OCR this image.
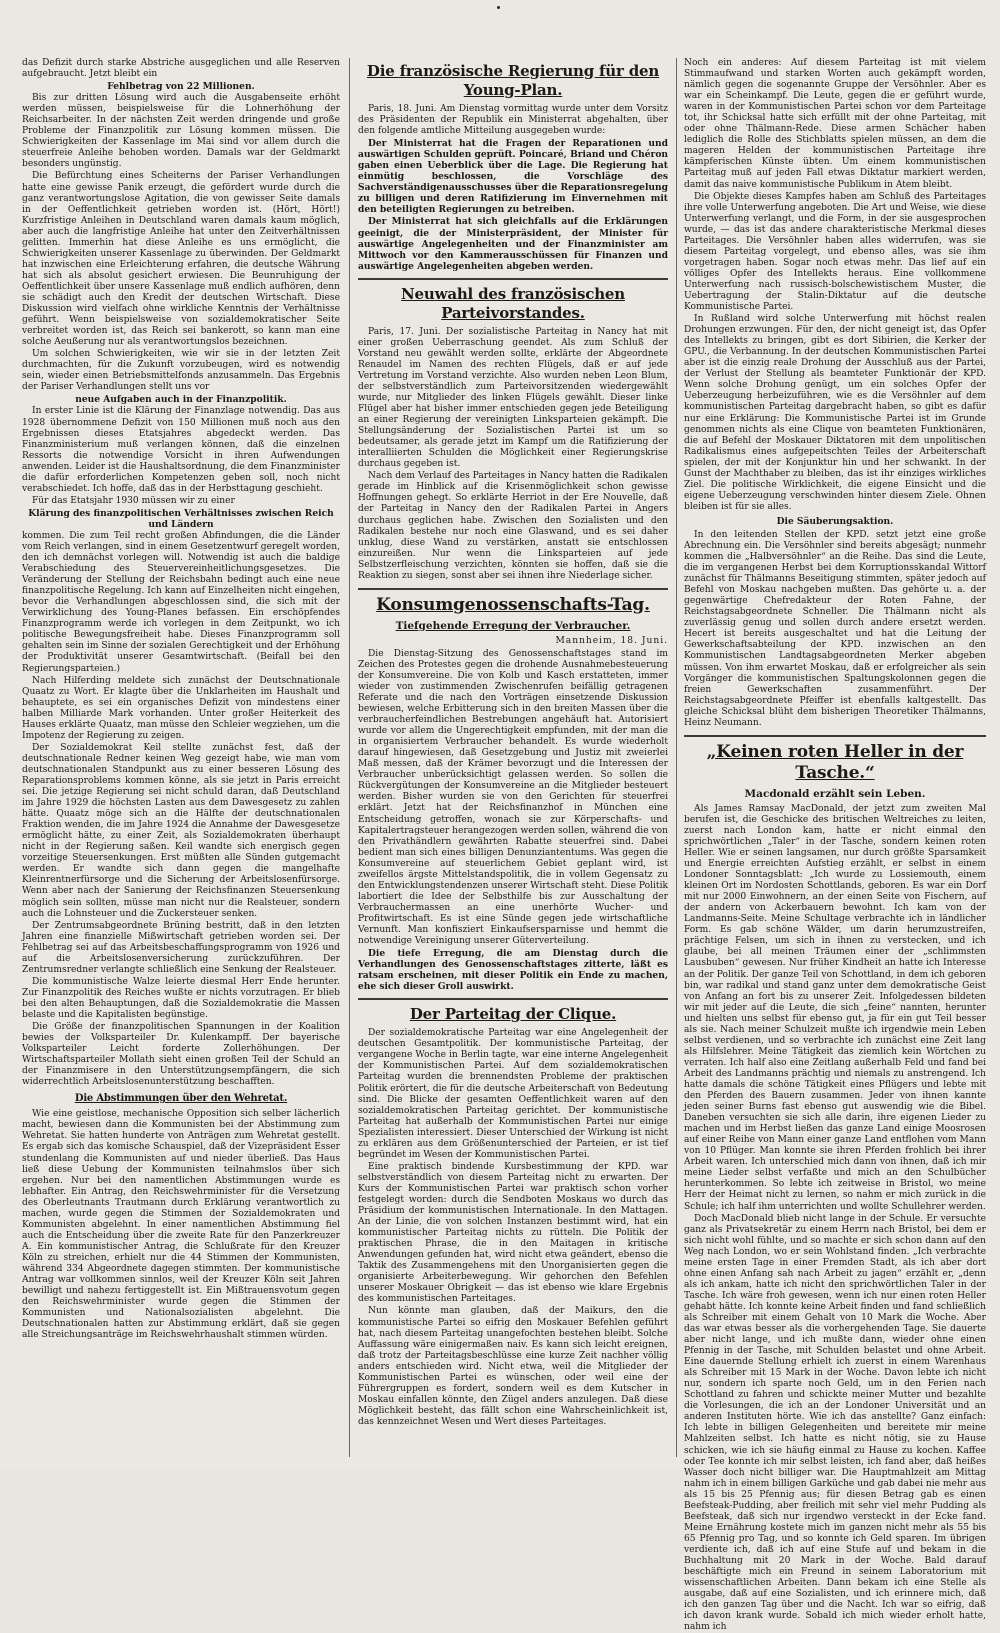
das Defizit durch starke Abstriche ausgeglichen und alle Reserven aufgebraucht. Jetzt bleibt ein

Fehlbetrag von 22 Millionen.

Bis zur dritten Lösung wird auch die Ausgabenseite erhöht werden müssen, beispielsweise für die Lohnerhöhung der Reichsarbeiter. In der nächsten Zeit werden dringende und große Probleme der Finanzpolitik zur Lösung kommen müssen. Die Schwierigkeiten der Kassenlage im Mai sind vor allem durch die steuerfreie Anleihe behoben worden. Damals war der Geldmarkt besonders ungünstig.

Die Befürchtung eines Scheiterns der Pariser Verhandlungen hatte eine gewisse Panik erzeugt, die gefördert wurde durch die ganz verantwortungslose Agitation, die von gewisser Seite damals in der Oeffentlichkeit getrieben worden ist. (Hört, Hört!) Kurzfristige Anleihen in Deutschland waren damals kaum möglich, aber auch die langfristige Anleihe hat unter den Zeitverhältnissen gelitten. Immerhin hat diese Anleihe es uns ermöglicht, die Schwierigkeiten unserer Kassenlage zu überwinden. Der Geldmarkt hat inzwischen eine Erleichterung erfahren, die deutsche Währung hat sich als absolut gesichert erwiesen. Die Beunruhigung der Oeffentlichkeit über unsere Kassenlage muß endlich aufhören, denn sie schädigt auch den Kredit der deutschen Wirtschaft. Diese Diskussion wird vielfach ohne wirkliche Kenntnis der Verhältnisse geführt. Wenn beispielsweise von sozialdemokratischer Seite verbreitet worden ist, das Reich sei bankerott, so kann man eine solche Aeußerung nur als verantwortungslos bezeichnen.

Um solchen Schwierigkeiten, wie wir sie in der letzten Zeit durchmachten, für die Zukunft vorzubeugen, wird es notwendig sein, wieder einen Betriebsmittelfonds anzusammeln. Das Ergebnis der Pariser Verhandlungen stellt uns vor

neue Aufgaben auch in der Finanzpolitik.

In erster Linie ist die Klärung der Finanzlage notwendig. Das aus 1928 übernommene Defizit von 150 Millionen muß noch aus den Ergebnissen dieses Etatsjahres abgedeckt werden. Das Finanzministerium muß verlangen können, daß die einzelnen Ressorts die notwendige Vorsicht in ihren Aufwendungen anwenden. Leider ist die Haushaltsordnung, die dem Finanzminister die dafür erforderlichen Kompetenzen geben soll, noch nicht verabschiedet. Ich hoffe, daß das in der Herbsttagung geschieht.

Für das Etatsjahr 1930 müssen wir zu einer

Klärung des finanzpolitischen Verhältnisses zwischen Reich und Ländern

kommen. Die zum Teil recht großen Abfindungen, die die Länder vom Reich verlangen, sind in einem Gesetzentwurf geregelt worden, den ich demnächst vorlegen will. Notwendig ist auch die baldige Verabschiedung des Steuervereinheitlichungsgesetzes. Die Veränderung der Stellung der Reichsbahn bedingt auch eine neue finanzpolitische Regelung. Ich kann auf Einzelheiten nicht eingehen, bevor die Verhandlungen abgeschlossen sind, die sich mit der Verwirklichung des Young-Planes befassen. Ein erschöpfendes Finanzprogramm werde ich vorlegen in dem Zeitpunkt, wo ich politische Bewegungsfreiheit habe. Dieses Finanzprogramm soll gehalten sein im Sinne der sozialen Gerechtigkeit und der Erhöhung der Produktivität unserer Gesamtwirtschaft. (Beifall bei den Regierungsparteien.)

Nach Hilferding meldete sich zunächst der Deutschnationale Quaatz zu Wort. Er klagte über die Unklarheiten im Haushalt und behauptete, es sei ein organisches Defizit von mindestens einer halben Milliarde Mark vorhanden. Unter großer Heiterkeit des Hauses erklärte Quaatz, man müsse den Schleier wegziehen, um die Impotenz der Regierung zu zeigen.

Der Sozialdemokrat Keil stellte zunächst fest, daß der deutschnationale Redner keinen Weg gezeigt habe, wie man vom deutschnationalen Standpunkt aus zu einer besseren Lösung des Reparationsproblems kommen könne, als sie jetzt in Paris erreicht sei. Die jetzige Regierung sei nicht schuld daran, daß Deutschland im Jahre 1929 die höchsten Lasten aus dem Dawesgesetz zu zahlen hätte. Quaatz möge sich an die Hälfte der deutschnationalen Fraktion wenden, die im Jahre 1924 die Annahme der Dawesgesetze ermöglicht hätte, zu einer Zeit, als Sozialdemokraten überhaupt nicht in der Regierung saßen. Keil wandte sich energisch gegen vorzeitige Steuersenkungen. Erst müßten alle Sünden gutgemacht werden. Er wandte sich dann gegen die mangelhafte Kleinrentnerfürsorge und die Sicherung der Arbeitslosenfürsorge. Wenn aber nach der Sanierung der Reichsfinanzen Steuersenkung möglich sein sollten, müsse man nicht nur die Realsteuer, sondern auch die Lohnsteuer und die Zuckersteuer senken.

Der Zentrumsabgeordnete Brüning bestritt, daß in den letzten Jahren eine finanzielle Mißwirtschaft getrieben worden sei. Der Fehlbetrag sei auf das Arbeitsbeschaffungsprogramm von 1926 und auf die Arbeitslosenversicherung zurückzuführen. Der Zentrumsredner verlangte schließlich eine Senkung der Realsteuer.

Die kommunistische Walze leierte diesmal Herr Ende herunter. Zur Finanzpolitik des Reiches wußte er nichts vorzutragen. Er blieb bei den alten Behauptungen, daß die Sozialdemokratie die Massen belaste und die Kapitalisten begünstige.

Die Größe der finanzpolitischen Spannungen in der Koalition bewies der Volksparteiler Dr. Kulenkampff. Der bayerische Volksparteiler Leicht forderte Zollerhöhungen. Der Wirtschaftsparteiler Mollath sieht einen großen Teil der Schuld an der Finanzmisere in den Unterstützungsempfängern, die sich widerrechtlich Arbeitslosenunterstützung beschafften.

Die Abstimmungen über den Wehretat.

Wie eine geistlose, mechanische Opposition sich selber lächerlich macht, bewiesen dann die Kommunisten bei der Abstimmung zum Wehretat. Sie hatten hunderte von Anträgen zum Wehretat gestellt. Es ergab sich das komische Schauspiel, daß der Vizepräsident Esser stundenlang die Kommunisten auf und nieder überließ. Das Haus ließ diese Uebung der Kommunisten teilnahmslos über sich ergehen. Nur bei den namentlichen Abstimmungen wurde es lebhafter. Ein Antrag, den Reichswehrminister für die Versetzung des Oberleutnants Trautmann durch Erklärung verantwortlich zu machen, wurde gegen die Stimmen der Sozialdemokraten und Kommunisten abgelehnt. In einer namentlichen Abstimmung fiel auch die Entscheidung über die zweite Rate für den Panzerkreuzer A. Ein kommunistischer Antrag, die Schlußrate für den Kreuzer Köln zu streichen, erhielt nur die 44 Stimmen der Kommunisten, während 334 Abgeordnete dagegen stimmten. Der kommunistische Antrag war vollkommen sinnlos, weil der Kreuzer Köln seit Jahren bewilligt und nahezu fertiggestellt ist. Ein Mißtrauensvotum gegen den Reichswehrminister wurde gegen die Stimmen der Kommunisten und Nationalsozialisten abgelehnt. Die Deutschnationalen hatten zur Abstimmung erklärt, daß sie gegen alle Streichungsanträge im Reichswehrhaushalt stimmen würden.

Die französische Regierung für den Young-Plan.

Paris, 18. Juni. Am Dienstag vormittag wurde unter dem Vorsitz des Präsidenten der Republik ein Ministerrat abgehalten, über den folgende amtliche Mitteilung ausgegeben wurde:

Der Ministerrat hat die Fragen der Reparationen und auswärtigen Schulden geprüft. Poincaré, Briand und Chéron gaben einen Ueberblick über die Lage. Die Regierung hat einmütig beschlossen, die Vorschläge des Sachverständigenausschusses über die Reparationsregelung zu billigen und deren Ratifizierung im Einvernehmen mit den beteiligten Regierungen zu betreiben.

Der Ministerrat hat sich gleichfalls auf die Erklärungen geeinigt, die der Ministerpräsident, der Minister für auswärtige Angelegenheiten und der Finanzminister am Mittwoch vor den Kammerausschüssen für Finanzen und auswärtige Angelegenheiten abgeben werden.

Neuwahl des französischen Parteivorstandes.

Paris, 17. Juni. Der sozialistische Parteitag in Nancy hat mit einer großen Ueberraschung geendet. Als zum Schluß der Vorstand neu gewählt werden sollte, erklärte der Abgeordnete Renaudel im Namen des rechten Flügels, daß er auf jede Vertretung im Vorstand verzichte. Also wurden neben Leon Blum, der selbstverständlich zum Parteivorsitzenden wiedergewählt wurde, nur Mitglieder des linken Flügels gewählt. Dieser linke Flügel aber hat bisher immer entschieden gegen jede Beteiligung an einer Regierung der vereinigten Linksparteien gekämpft. Die Stellungsänderung der Sozialistischen Partei ist um so bedeutsamer, als gerade jetzt im Kampf um die Ratifizierung der interalliierten Schulden die Möglichkeit einer Regierungskrise durchaus gegeben ist.

Nach dem Verlauf des Parteitages in Nancy hatten die Radikalen gerade im Hinblick auf die Krisenmöglichkeit schon gewisse Hoffnungen gehegt. So erklärte Herriot in der Ere Nouvelle, daß der Parteitag in Nancy den der Radikalen Partei in Angers durchaus geglichen habe. Zwischen den Sozialisten und den Radikalen bestehe nur noch eine Glaswand, und es sei daher unklug, diese Wand zu verstärken, anstatt sie entschlossen einzureißen. Nur wenn die Linksparteien auf jede Selbstzerfleischung verzichten, könnten sie hoffen, daß sie die Reaktion zu siegen, sonst aber sei ihnen ihre Niederlage sicher.

Konsumgenossenschafts-Tag.
Tiefgehende Erregung der Verbraucher.

Mannheim, 18. Juni.

Die Dienstag-Sitzung des Genossenschaftstages stand im Zeichen des Protestes gegen die drohende Ausnahmebesteuerung der Konsumvereine. Die von Kolb und Kasch erstatteten, immer wieder von zustimmenden Zwischenrufen beifällig getragenen Referate und die nach den Vorträgen einsetzende Diskussion bewiesen, welche Erbitterung sich in den breiten Massen über die verbraucherfeindlichen Bestrebungen angehäuft hat. Autorisiert wurde vor allem die Ungerechtigkeit empfunden, mit der man die in organisiertem Verbraucher behandelt. Es wurde wiederholt darauf hingewiesen, daß Gesetzgebung und Justiz mit zweierlei Maß messen, daß der Krämer bevorzugt und die Interessen der Verbraucher unberücksichtigt gelassen werden. So sollen die Rückvergütungen der Konsumvereine an die Mitglieder besteuert werden. Bisher wurden sie von den Gerichten für steuerfrei erklärt. Jetzt hat der Reichsfinanzhof in München eine Entscheidung getroffen, wonach sie zur Körperschafts- und Kapitalertragsteuer herangezogen werden sollen, während die von den Privathändlern gewährten Rabatte steuerfrei sind. Dabei bedient man sich eines billigen Denunziantentums. Was gegen die Konsumvereine auf steuerlichem Gebiet geplant wird, ist zweifellos ärgste Mittelstandspolitik, die in vollem Gegensatz zu den Entwicklungstendenzen unserer Wirtschaft steht. Diese Politik labortiert die Idee der Selbsthilfe bis zur Ausschaltung der Verbrauchermassen an eine unerhörte Wucher- und Profitwirtschaft. Es ist eine Sünde gegen jede wirtschaftliche Vernunft. Man konfisziert Einkaufsersparnisse und hemmt die notwendige Vereinigung unserer Güterverteilung.

Die tiefe Erregung, die am Dienstag durch die Verhandlungen des Genossenschaftstages zitterte, läßt es ratsam erscheinen, mit dieser Politik ein Ende zu machen, ehe sich dieser Groll auswirkt.

Der Parteitag der Clique.

Der sozialdemokratische Parteitag war eine Angelegenheit der deutschen Gesamtpolitik. Der kommunistische Parteitag, der vergangene Woche in Berlin tagte, war eine interne Angelegenheit der Kommunistischen Partei. Auf dem sozialdemokratischen Parteitag wurden die brennendsten Probleme der praktischen Politik erörtert, die für die deutsche Arbeiterschaft von Bedeutung sind. Die Blicke der gesamten Oeffentlichkeit waren auf den sozialdemokratischen Parteitag gerichtet. Der kommunistische Parteitag hat außerhalb der Kommunistischen Partei nur einige Spezialisten interessiert. Dieser Unterschied der Wirkung ist nicht zu erklären aus dem Größenunterschied der Parteien, er ist tief begründet im Wesen der Kommunistischen Partei.

Eine praktisch bindende Kursbestimmung der KPD. war selbstverständlich von diesem Parteitag nicht zu erwarten. Der Kurs der Kommunistischen Partei war praktisch schon vorher festgelegt worden: durch die Sendboten Moskaus wo durch das Präsidium der kommunistischen Internationale. In den Mattagen. An der Linie, die von solchen Instanzen bestimmt wird, hat ein kommunistischer Parteitag nichts zu rütteln. Die Politik der praktischen Phrase, die in den Maitagen in kritische Anwendungen gefunden hat, wird nicht etwa geändert, ebenso die Taktik des Zusammengehens mit den Unorganisierten gegen die organisierte Arbeiterbewegung. Wir gehorchen den Befehlen unserer Moskauer Obrigkeit — das ist ebenso wie klare Ergebnis des kommunistischen Parteitages.

Nun könnte man glauben, daß der Maikurs, den die kommunistische Partei so eifrig den Moskauer Befehlen geführt hat, nach diesem Parteitag unangefochten bestehen bleibt. Solche Auffassung wäre einigermaßen naiv. Es kann sich leicht ereignen, daß trotz der Parteitagsbeschlüsse eine kurze Zeit nachher völlig anders entschieden wird. Nicht etwa, weil die Mitglieder der Kommunistischen Partei es wünschen, oder weil eine der Führergruppen es fordert, sondern weil es dem Kutscher in Moskau einfallen könnte, den Zügel anders anzulegen. Daß diese Möglichkeit besteht, das fällt schon eine Wahrscheinlichkeit ist, das kennzeichnet Wesen und Wert dieses Parteitages.

Noch ein anderes: Auf diesem Parteitag ist mit vielem Stimmaufwand und starken Worten auch gekämpft worden, nämlich gegen die sogenannte Gruppe der Versöhnler. Aber es war ein Scheinkampf. Die Leute, gegen die er geführt wurde, waren in der Kommunistischen Partei schon vor dem Parteitage tot, ihr Schicksal hatte sich erfüllt mit der ohne Parteitag, mit oder ohne Thälmann-Rede. Diese armen Schächer haben lediglich die Rolle des Stichblatts spielen müssen, an dem die mageren Helden der kommunistischen Parteitage ihre kämpferischen Künste übten. Um einem kommunistischen Parteitag muß auf jeden Fall etwas Diktatur markiert werden, damit das naive kommunistische Publikum in Atem bleibt.

Die Objekte dieses Kampfes haben am Schluß des Parteitages ihre volle Unterwerfung angeboten. Die Art und Weise, wie diese Unterwerfung verlangt, und die Form, in der sie ausgesprochen wurde, — das ist das andere charakteristische Merkmal dieses Parteitages. Die Versöhnler haben alles widerrufen, was sie diesem Parteitag vorgelegt, und ebenso alles, was sie ihm vorgetragen haben. Sogar noch etwas mehr. Das lief auf ein völliges Opfer des Intellekts heraus. Eine vollkommene Unterwerfung nach russisch-bolschewistischem Muster, die Uebertragung der Stalin-Diktatur auf die deutsche Kommunistische Partei.

In Rußland wird solche Unterwerfung mit höchst realen Drohungen erzwungen. Für den, der nicht geneigt ist, das Opfer des Intellekts zu bringen, gibt es dort Sibirien, die Kerker der GPU., die Verbannung. In der deutschen Kommunistischen Partei aber ist die einzig reale Drohung der Ausschluß aus der Partei, der Verlust der Stellung als beamteter Funktionär der KPD. Wenn solche Drohung genügt, um ein solches Opfer der Ueberzeugung herbeizuführen, wie es die Versöhnler auf dem kommunistischen Parteitag dargebracht haben, so gibt es dafür nur eine Erklärung: Die Kommunistische Partei ist im Grunde genommen nichts als eine Clique von beamteten Funktionären, die auf Befehl der Moskauer Diktatoren mit dem unpolitischen Radikalismus eines aufgepeitschten Teiles der Arbeiterschaft spielen, der mit der Konjunktur hin und her schwankt. In der Gunst der Machthaber zu bleiben, das ist ihr einziges wirkliches Ziel. Die politische Wirklichkeit, die eigene Einsicht und die eigene Ueberzeugung verschwinden hinter diesem Ziele. Ohnen bleiben ist für sie alles.

Die Säuberungsaktion.

In den leitenden Stellen der KPD. setzt jetzt eine große Abrechnung ein. Die Versöhnler sind bereits abgesägt; nunmehr kommen die „Halbversöhnler“ an die Reihe. Das sind die Leute, die im vergangenen Herbst bei dem Korruptionsskandal Wittorf zunächst für Thälmanns Beseitigung stimmten, später jedoch auf Befehl von Moskau nachgeben mußten. Das gehörte u. a. der gegenwärtige Chefredakteur der Roten Fahne, der Reichstagsabgeordnete Schneller. Die Thälmann nicht als zuverlässig genug und sollen durch andere ersetzt werden. Hecert ist bereits ausgeschaltet und hat die Leitung der Gewerkschaftsabteilung der KPD. inzwischen an den Kommunistischen Landtagsabgeordneten Merker abgeben müssen. Von ihm erwartet Moskau, daß er erfolgreicher als sein Vorgänger die kommunistischen Spaltungskolonnen gegen die freien Gewerkschaften zusammenführt. Der Reichstagsabgeordnete Pfeiffer ist ebenfalls kaltgestellt. Das gleiche Schicksal blüht dem bisherigen Theoretiker Thälmanns, Heinz Neumann.

„Keinen roten Heller in der Tasche.“
Macdonald erzählt sein Leben.

Als James Ramsay MacDonald, der jetzt zum zweiten Mal berufen ist, die Geschicke des britischen Weltreiches zu leiten, zuerst nach London kam, hatte er nicht einmal den sprichwörtlichen „Taler“ in der Tasche, sondern keinen roten Heller. Wie er seinen langsamen, nur durch größte Sparsamkeit und Energie erreichten Aufstieg erzählt, er selbst in einem Londoner Sonntagsblatt: „Ich wurde zu Lossiemouth, einem kleinen Ort im Nordosten Schottlands, geboren. Es war ein Dorf mit nur 2000 Einwohnern, an der einen Seite von Fischern, auf der andern von Ackerbauern bewohnt. Ich kam von der Landmanns-Seite. Meine Schultage verbrachte ich in ländlicher Form. Es gab schöne Wälder, um darin herumzustreifen, prächtige Felsen, um sich in ihnen zu verstecken, und ich glaube, bei all meinen Träumen einer der „schlimmsten Lausbuben“ gewesen. Nur früher Kindheit an hatte ich Interesse an der Politik. Der ganze Teil von Schottland, in dem ich geboren bin, war radikal und stand ganz unter dem demokratische Geist von Anfang an fort bis zu unserer Zeit. Infolgedessen bildeten wir mit jeder auf die Leute, die sich „feine“ nannten, herunter und hielten uns selbst für ebenso gut, ja für ein gut Teil besser als sie. Nach meiner Schulzeit mußte ich irgendwie mein Leben selbst verdienen, und so verbrachte ich zunächst eine Zeit lang als Hilfslehrer. Meine Tätigkeit das ziemlich kein Wörtchen zu verraten. Ich half also eine Zeitlang außerhalb Feld und fand bei Arbeit des Landmanns prächtig und niemals zu anstrengend. Ich hatte damals die schöne Tätigkeit eines Pflügers und lebte mit den Pferden des Bauern zusammen. Jeder von ihnen kannte jeden seiner Burns fast ebenso gut auswendig wie die Bibel. Daneben versuchten sie sich alle darin, ihre eigenen Lieder zu machen und im Herbst ließen das ganze Land einige Moosrosen auf einer Reihe von Mann einer ganze Land entflohen vom Mann von 10 Pflüger. Man konnte sie ihren Pferden frohlich bei ihrer Arbeit waren. Ich unterschied mich dann von ihnen, daß ich mir meine Lieder selbst verfaßte und mich an den Schulbücher herunterkommen. So lebte ich zeitweise in Bristol, wo meine Herr der Heimat nicht zu lernen, so nahm er mich zurück in die Schule; ich half ihm unterrichten und wollte Schullehrer werden.

Doch MacDonald blieb nicht lange in der Schule. Er versuchte ganz als Privatsekretär zu einem Herrn nach Bristol, bei dem er sich nicht wohl fühlte, und so machte er sich schon dann auf den Weg nach London, wo er sein Wohlstand finden. „Ich verbrachte meine ersten Tage in einer Fremden Stadt, als ich aber dort ohne einen Anfang sah nach Arbeit zu jagen“ erzählt er, „denn als ich ankam, hatte ich nicht den sprichwörtlichen Taler in der Tasche. Ich wäre froh gewesen, wenn ich nur einen roten Heller gehabt hätte. Ich konnte keine Arbeit finden und fand schließlich als Schreiber mit einem Gehalt von 10 Mark die Woche. Aber das war etwas besser als die vorhergehenden Tage. Sie dauerte aber nicht lange, und ich mußte dann, wieder ohne einen Pfennig in der Tasche, mit Schulden belastet und ohne Arbeit. Eine dauernde Stellung erhielt ich zuerst in einem Warenhaus als Schreiber mit 15 Mark in der Woche. Davon lebte ich nicht nur, sondern ich sparte noch Geld, um in den Ferien nach Schottland zu fahren und schickte meiner Mutter und bezahlte die Vorlesungen, die ich an der Londoner Universität und an anderen Instituten hörte. Wie ich das anstellte? Ganz einfach: Ich lebte in billigen Gelegenheiten und bereitete mir meine Mahlzeiten selbst. Ich hatte es nicht nötig, sie zu Hause schicken, wie ich sie häufig einmal zu Hause zu kochen. Kaffee oder Tee konnte ich mir selbst leisten, ich fand aber, daß heißes Wasser doch nicht billiger war. Die Hauptmahlzeit am Mittag nahm ich in einem billigen Garküche und gab dabei nie mehr aus als 15 bis 25 Pfennig aus; für diesen Betrag gab es einen Beefsteak-Pudding, aber freilich mit sehr viel mehr Pudding als Beefsteak, daß sich nur irgendwo versteckt in der Ecke fand. Meine Ernährung kostete mich im ganzen nicht mehr als 55 bis 65 Pfennig pro Tag, und so konnte ich Geld sparen. Im übrigen verdiente ich, daß ich auf eine Stufe auf und bekam in die Buchhaltung mit 20 Mark in der Woche. Bald darauf beschäftigte mich ein Freund in seinem Laboratorium mit wissenschaftlichen Arbeiten. Dann bekam ich eine Stelle als ausgabe, daß auf eine Sozialisten, und ich erinnere mich, daß ich den ganzen Tag über und die Nacht. Ich war so eifrig, daß ich davon krank wurde. Sobald ich mich wieder erholt hatte, nahm ich
